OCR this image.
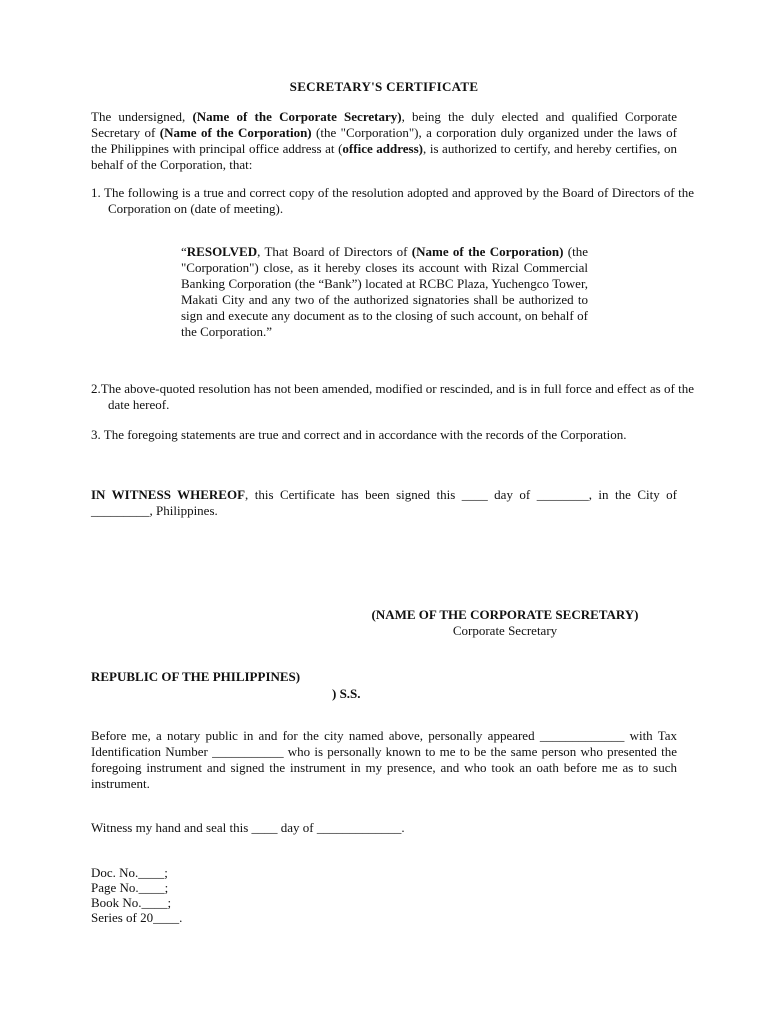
SECRETARY'S CERTIFICATE

The undersigned, (Name of the Corporate Secretary), being the duly elected and qualified Corporate Secretary of (Name of the Corporation) (the "Corporation"), a corporation duly organized under the laws of the Philippines with principal office address at (office address), is authorized to certify, and hereby certifies, on behalf of the Corporation, that:

1. The following is a true and correct copy of the resolution adopted and approved by the Board of Directors of the Corporation on (date of meeting).

“RESOLVED, That Board of Directors of (Name of the Corporation) (the "Corporation") close, as it hereby closes its account with Rizal Commercial Banking Corporation (the “Bank”) located at RCBC Plaza, Yuchengco Tower, Makati City and any two of the authorized signatories shall be authorized to sign and execute any document as to the closing of such account, on behalf of the Corporation.”

2.The above-quoted resolution has not been amended, modified or rescinded, and is in full force and effect as of the date hereof.

3. The foregoing statements are true and correct and in accordance with the records of the Corporation.

IN WITNESS WHEREOF, this Certificate has been signed this ____ day of ________, in the City of _________, Philippines.

(NAME OF THE CORPORATE SECRETARY)
Corporate Secretary
REPUBLIC OF THE PHILIPPINES)
) S.S.

Before me, a notary public in and for the city named above, personally appeared _____________ with Tax Identification Number ___________ who is personally known to me to be the same person who presented the foregoing instrument and signed the instrument in my presence, and who took an oath before me as to such instrument.

Witness my hand and seal this ____ day of _____________.

Doc. No.____;
Page No.____;
Book No.____;
Series of 20____.
